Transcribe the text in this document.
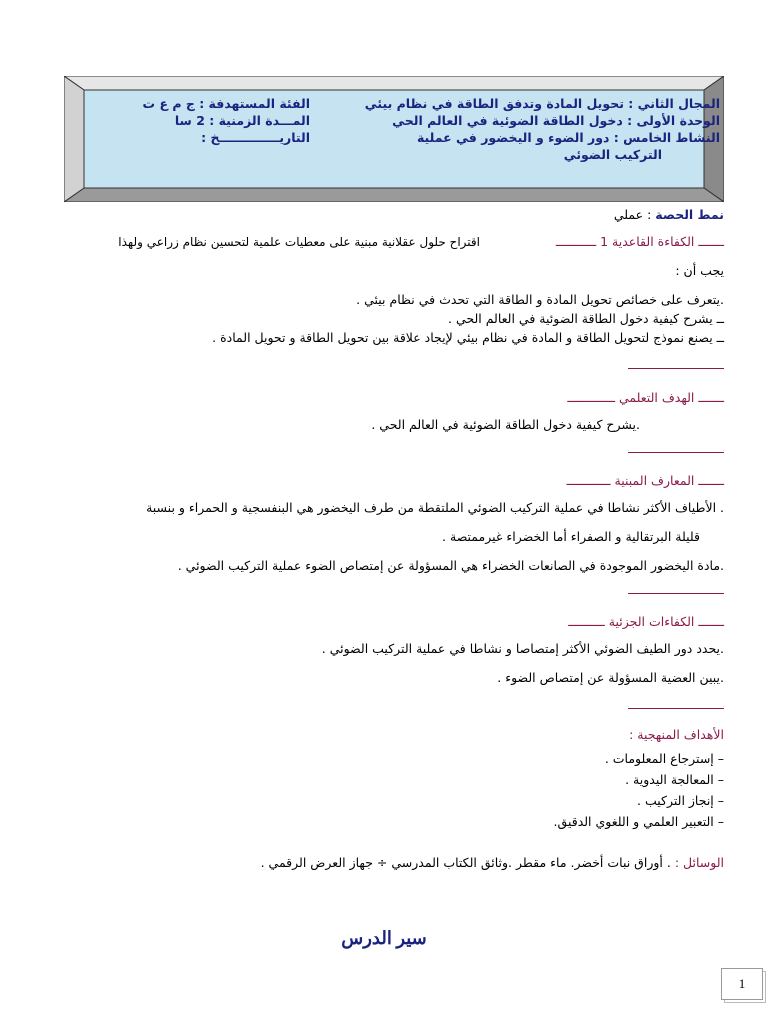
المجال الثاني : تحويل المادة وتدفق الطاقة في نظام بيئي
الوحدة الأولى : دخول الطاقة الضوئية في العالم الحي
النشاط الخامس : دور الضوء و اليخضور في عملية
التركيب الضوئي
الفئة المستهدفة : ج م ع ت
المـــدة الزمنية : 2 سا
التاريــــــــــــــخ :
نمط الحصة : عملي
ـــــــ الكفاءة القاعدية 1 ـــــــــــ
اقتراح حلول عقلانية مبنية على معطيات علمية لتحسين نظام زراعي ولهذا
يجب أن :
.يتعرف على خصائص تحويل المادة و الطاقة التي تحدث في نظام بيئي .
ــ يشرح كيفية دخول الطاقة الضوئية في العالم الحي .
ــ يصنع نموذج لتحويل الطاقة و المادة في نظام بيئي لإيجاد علاقة بين تحويل الطاقة و تحويل المادة .
ـــــــ الهدف التعلمي ـــــــــــــ
.يشرح كيفية دخول الطاقة الضوئية في العالم الحي .
ـــــــ المعارف المبنية ــــــــــــ
. الأطياف الأكثر نشاطا في عملية التركيب الضوئي الملتقطة من طرف اليخضور هي البنفسجية و الحمراء و بنسبة
قليلة البرتقالية و الصفراء أما الخضراء غيرممتصة .
.مادة اليخضور الموجودة في الصانعات الخضراء هي المسؤولة عن إمتصاص الضوء عملية التركيب الضوئي .
ـــــــ الكفاءات الجزئية ــــــــــ
.يحدد دور الطيف الضوئي الأكثر إمتصاصا و نشاطا في عملية التركيب الضوئي .
.يبين العضية المسؤولة عن إمتصاص الضوء .
الأهداف المنهجية :
– إسترجاع المعلومات .
– المعالجة اليدوية .
– إنجاز التركيب .
– التعبير العلمي و اللغوي الدقيق.
الوسائل : . أوراق نبات أخضر. ماء مقطر .وثائق الكتاب المدرسي ÷ جهاز العرض الرقمي .
سير الدرس
1
